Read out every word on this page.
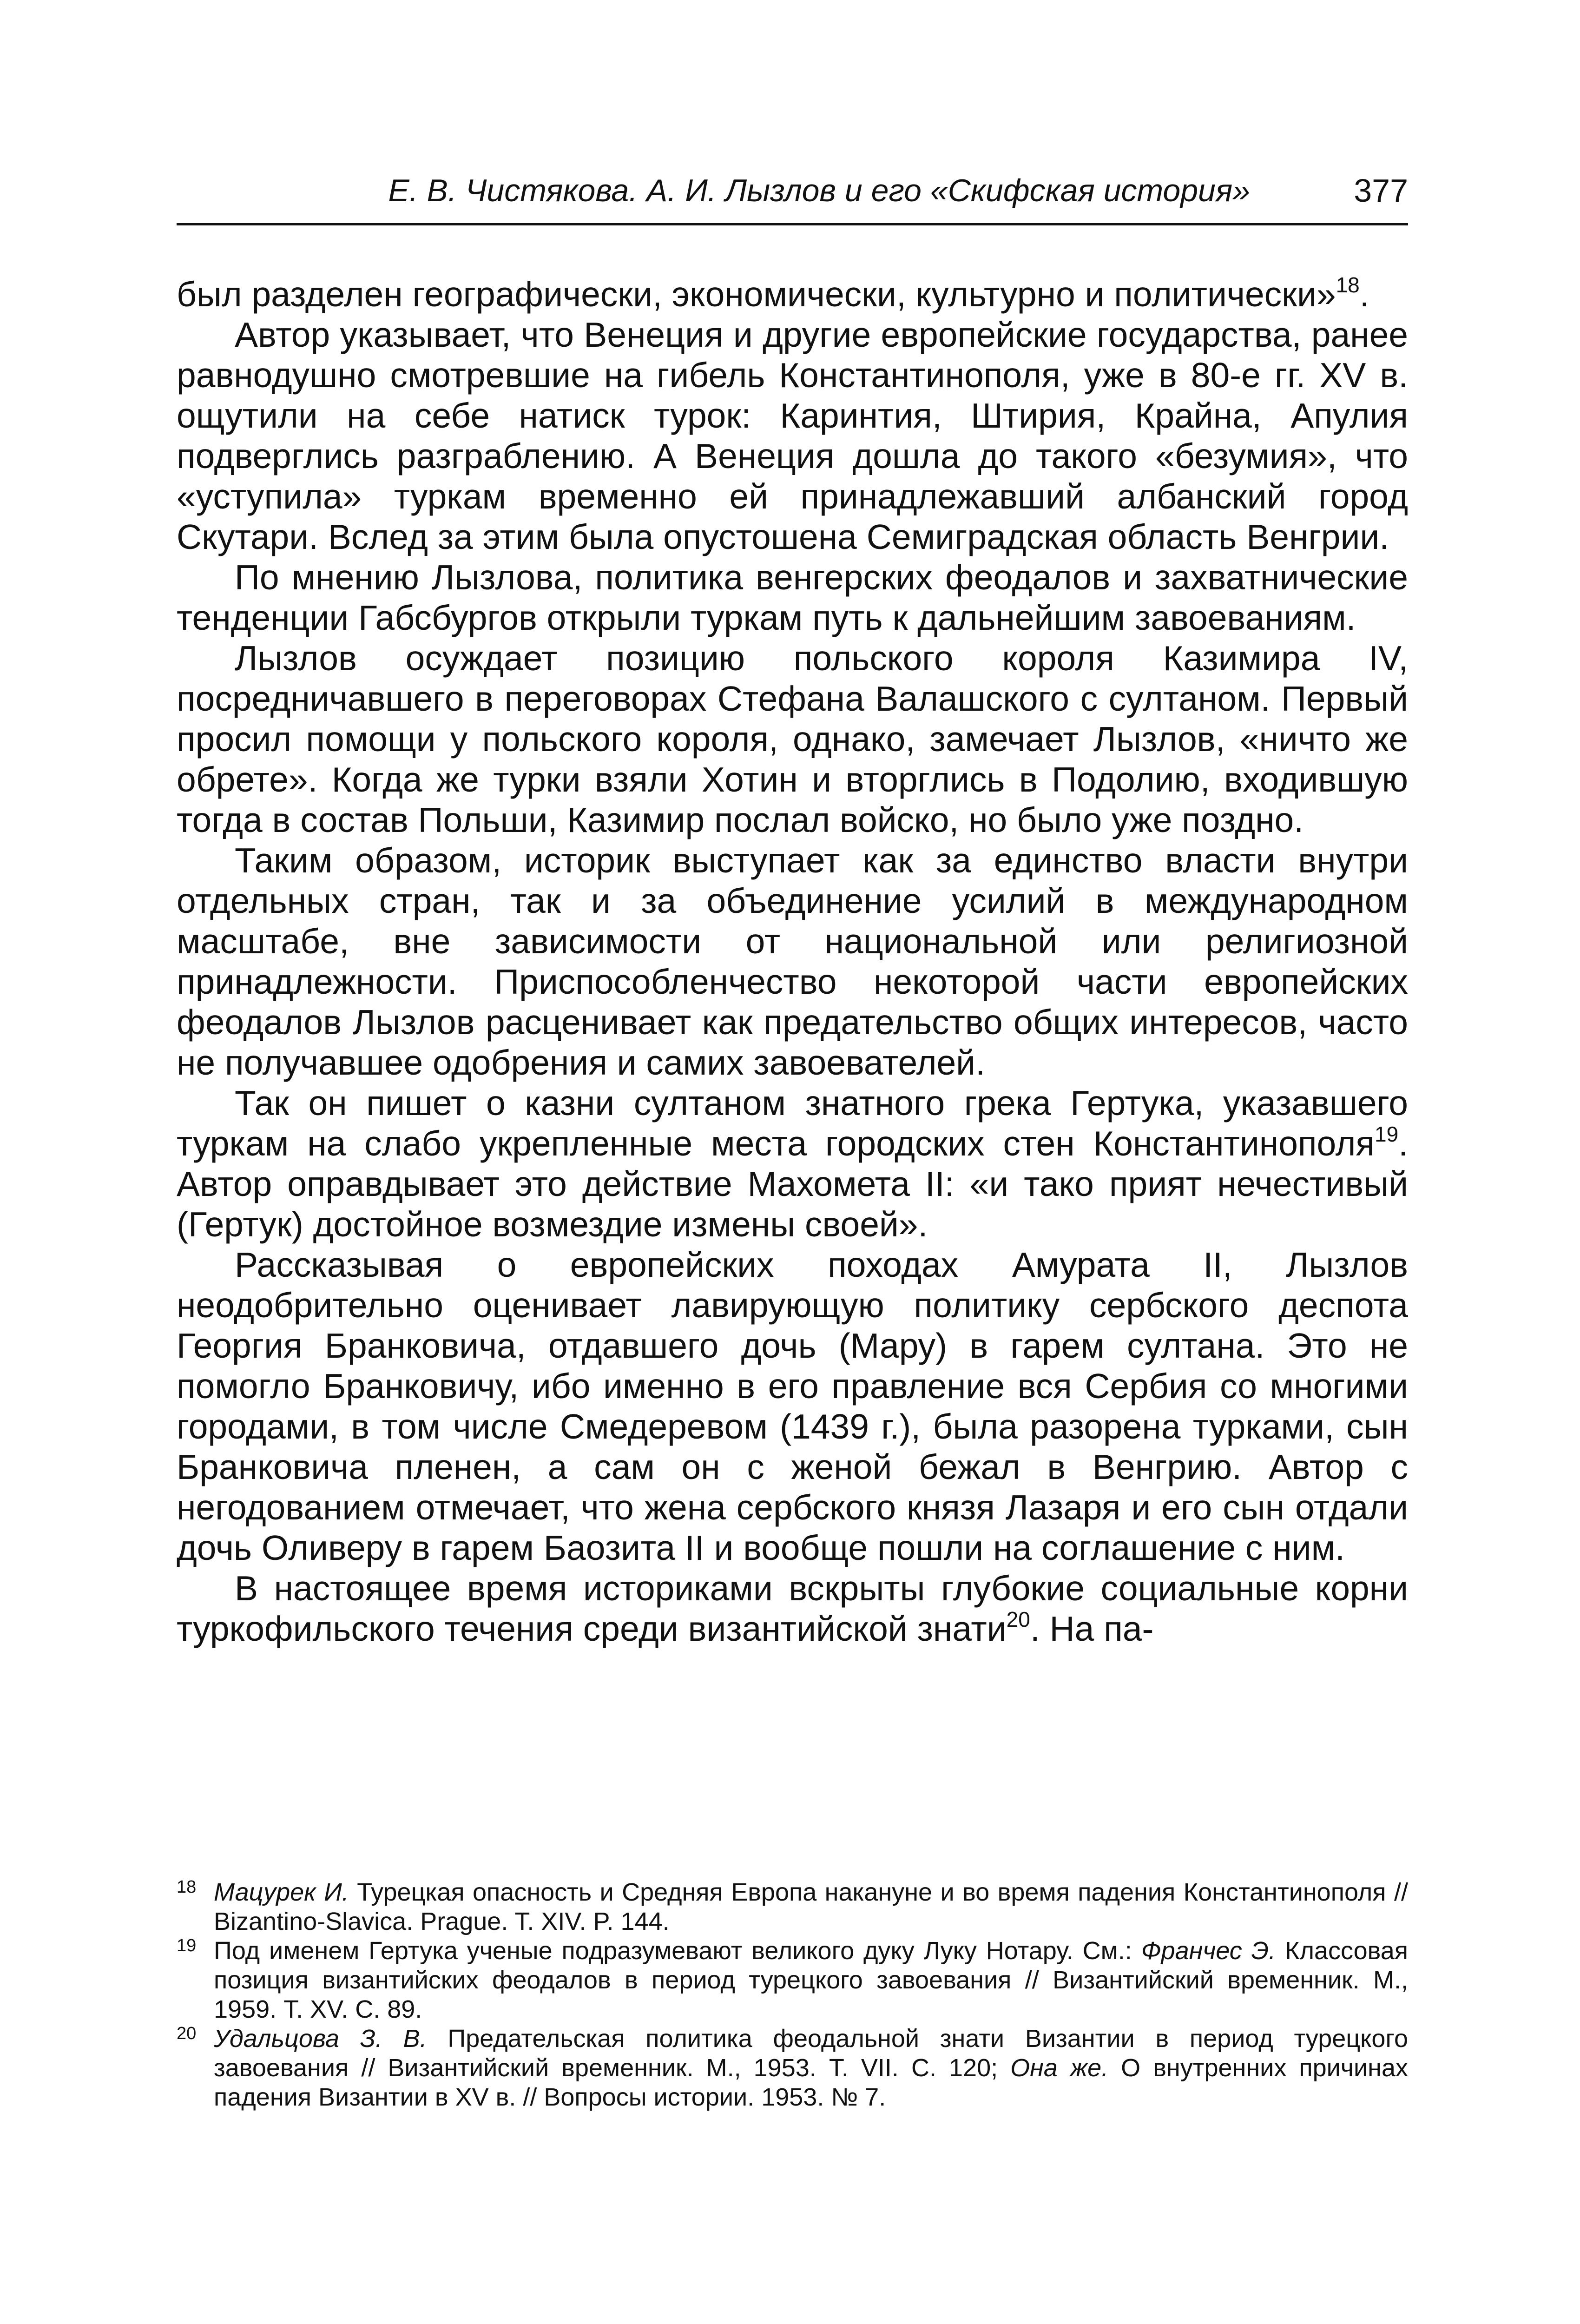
Е. В. Чистякова. А. И. Лызлов и его «Скифская история»	377

был разделен географически, экономически, культурно и политически»$^{18}$.

Автор указывает, что Венеция и другие европейские государства, ранее равнодушно смотревшие на гибель Константинополя, уже в 80-е гг. XV в. ощутили на себе натиск турок: Каринтия, Штирия, Крайна, Апулия подверглись разграблению. А Венеция дошла до такого «безумия», что «уступила» туркам временно ей принадлежавший албанский город Скутари. Вслед за этим была опустошена Семиградская область Венгрии.

По мнению Лызлова, политика венгерских феодалов и захватнические тенденции Габсбургов открыли туркам путь к дальнейшим завоеваниям.

Лызлов осуждает позицию польского короля Казимира IV, посредничавшего в переговорах Стефана Валашского с султаном. Первый просил помощи у польского короля, однако, замечает Лызлов, «ничто же обрете». Когда же турки взяли Хотин и вторглись в Подолию, входившую тогда в состав Польши, Казимир послал войско, но было уже поздно.

Таким образом, историк выступает как за единство власти внутри отдельных стран, так и за объединение усилий в международном масштабе, вне зависимости от национальной или религиозной принадлежности. Приспособленчество некоторой части европейских феодалов Лызлов расценивает как предательство общих интересов, часто не получавшее одобрения и самих завоевателей.

Так он пишет о казни султаном знатного грека Гертука, указавшего туркам на слабо укрепленные места городских стен Константинополя$^{19}$. Автор оправдывает это действие Махомета II: «и тако прият нечестивый (Гертук) достойное возмездие измены своей».

Рассказывая о европейских походах Амурата II, Лызлов неодобрительно оценивает лавирующую политику сербского деспота Георгия Бранковича, отдавшего дочь (Мару) в гарем султана. Это не помогло Бранковичу, ибо именно в его правление вся Сербия со многими городами, в том числе Смедеревом (1439 г.), была разорена турками, сын Бранковича пленен, а сам он с женой бежал в Венгрию. Автор с негодованием отмечает, что жена сербского князя Лазаря и его сын отдали дочь Оливеру в гарем Баозита II и вообще пошли на соглашение с ним.

В настоящее время историками вскрыты глубокие социальные корни туркофильского течения среди византийской знати$^{20}$. На па-

18 Мацурек И. Турецкая опасность и Средняя Европа накануне и во время падения Константинополя // Bizantino-Slavica. Prague. T. XIV. P. 144.

19 Под именем Гертука ученые подразумевают великого дуку Луку Нотару. См.: Франчес Э. Классовая позиция византийских феодалов в период турецкого завоевания // Византийский временник. М., 1959. Т. XV. С. 89.

20 Удальцова З. В. Предательская политика феодальной знати Византии в период турецкого завоевания // Византийский временник. М., 1953. Т. VII. С. 120; Она же. О внутренних причинах падения Византии в XV в. // Вопросы истории. 1953. № 7.
